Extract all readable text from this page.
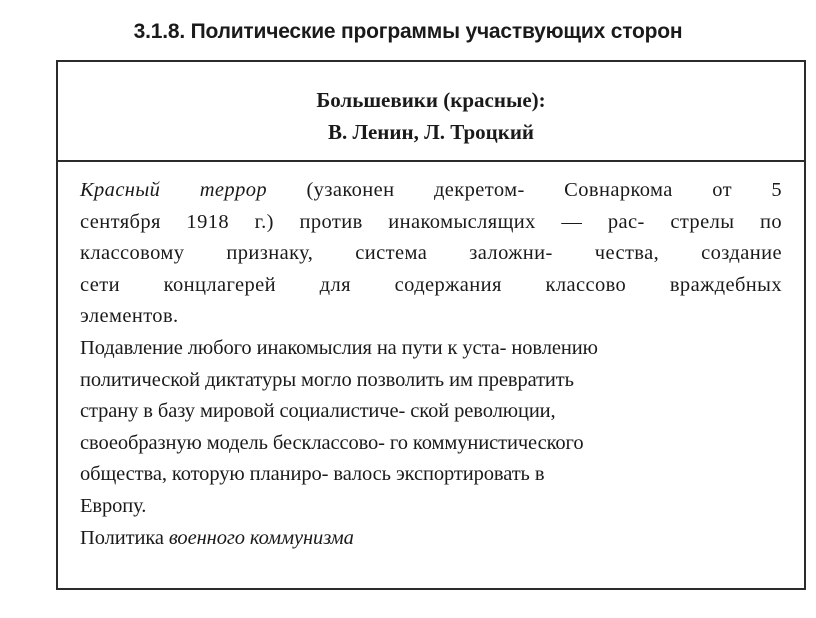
3.1.8. Политические программы участвующих сторон
Большевики (красные):
В. Ленин, Л. Троцкий

Красный террор (узаконен декретом- Совнаркома от 5
сентября 1918 г.) против инакомыслящих — рас- стрелы по
классовому признаку, система заложни- чества, создание
сети концлагерей для содержания классово враждебных
элементов.

Подавление любого инакомыслия на пути к уста- новлению
политической диктатуры могло позволить им превратить
страну в базу мировой социалистиче- ской революции,
своеобразную модель бесклассово- го коммунистического
общества, которую планиро- валось экспортировать в
Европу.

Политика военного коммунизма
